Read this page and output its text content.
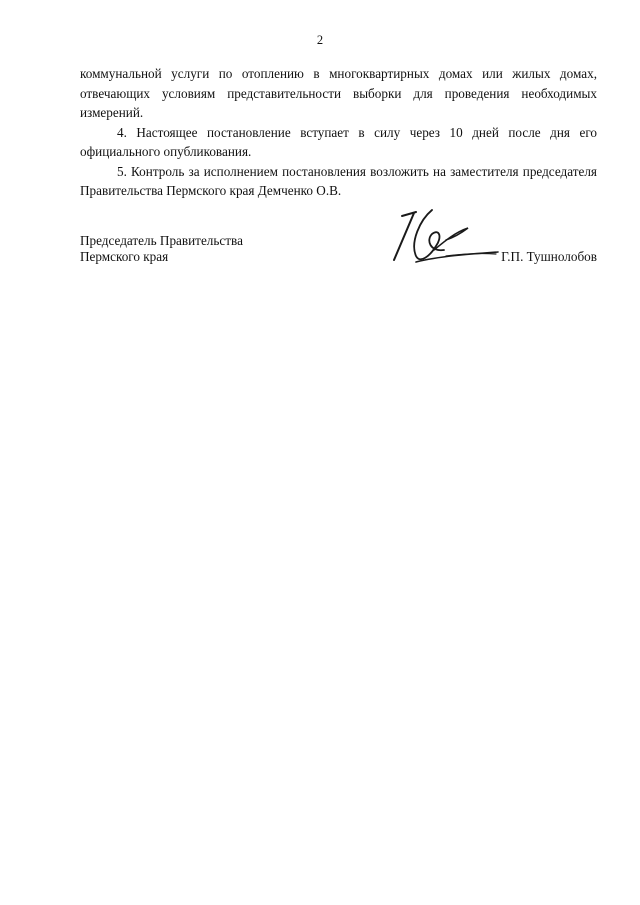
2

коммунальной услуги по отоплению в многоквартирных домах или жилых домах, отвечающих условиям представительности выборки для проведения необходимых измерений.

4. Настоящее постановление вступает в силу через 10 дней после дня его официального опубликования.

5. Контроль за исполнением постановления возложить на заместителя председателя Правительства Пермского края Демченко О.В.

Председатель Правительства
Пермского края	Г.П. Тушнолобов
